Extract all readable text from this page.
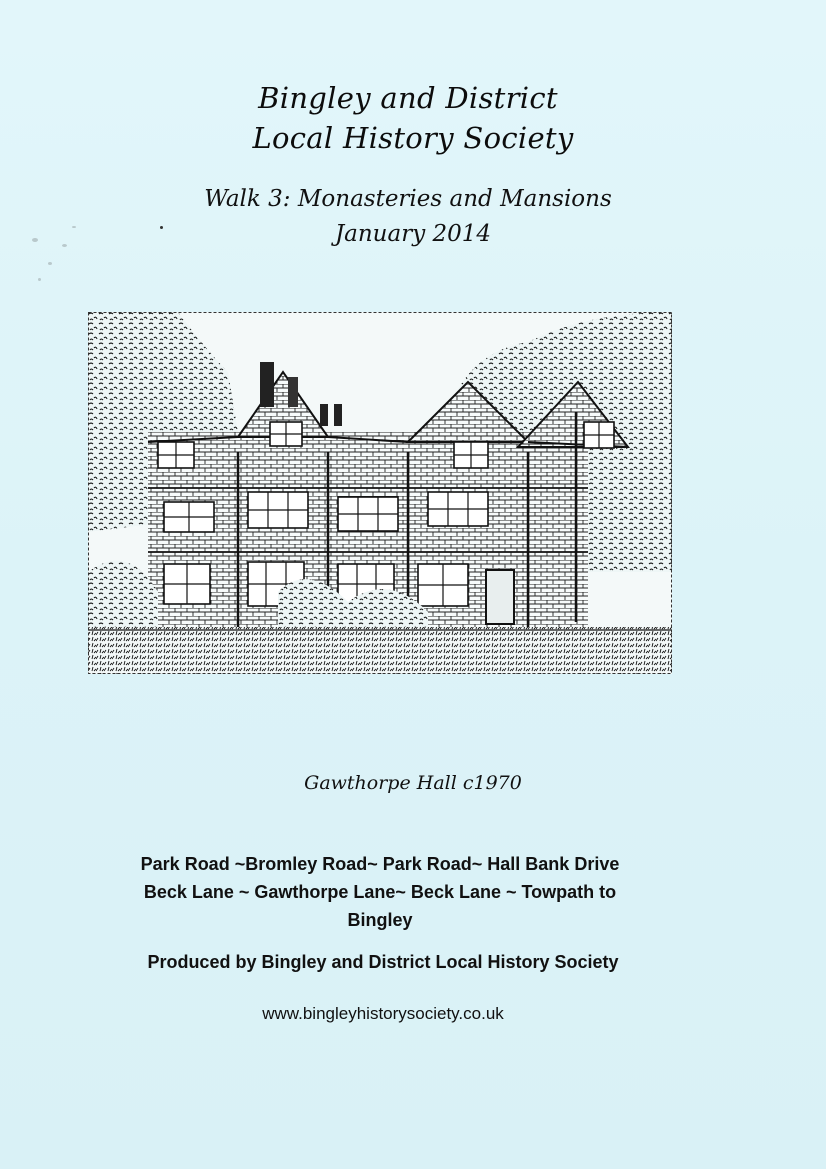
Bingley and District
Local History Society
Walk 3: Monasteries and Mansions
January 2014
Gawthorpe Hall c1970
Park Road ~Bromley Road~ Park Road~ Hall Bank Drive
Beck Lane ~ Gawthorpe Lane~ Beck Lane ~ Towpath to
Bingley
Produced by Bingley and District Local History Society
www.bingleyhistorysociety.co.uk
